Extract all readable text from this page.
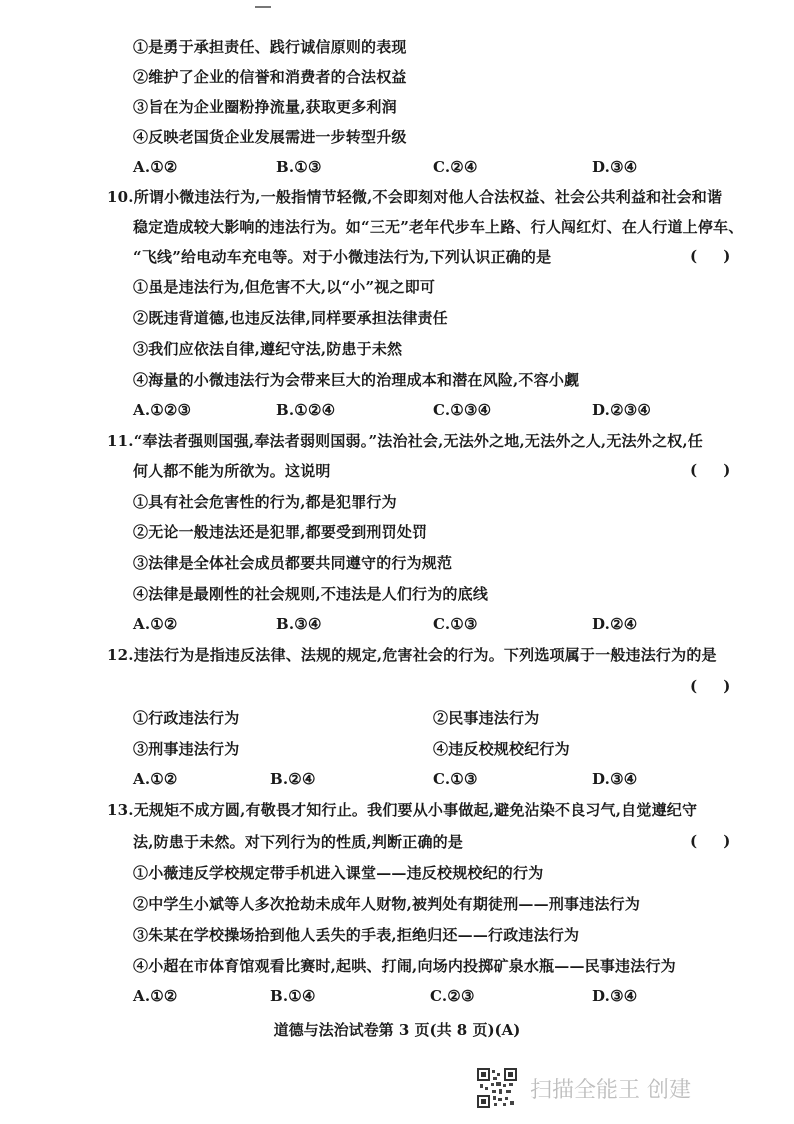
①是勇于承担责任、践行诚信原则的表现
②维护了企业的信誉和消费者的合法权益
③旨在为企业圈粉挣流量,获取更多利润
④反映老国货企业发展需进一步转型升级
A.①②	B.①③	C.②④	D.③④
10.所谓小微违法行为,一般指情节轻微,不会即刻对他人合法权益、社会公共利益和社会和谐
稳定造成较大影响的违法行为。如“三无”老年代步车上路、行人闯红灯、在人行道上停车、
“飞线”给电动车充电等。对于小微违法行为,下列认识正确的是	(     )
①虽是违法行为,但危害不大,以“小”视之即可
②既违背道德,也违反法律,同样要承担法律责任
③我们应依法自律,遵纪守法,防患于未然
④海量的小微违法行为会带来巨大的治理成本和潜在风险,不容小觑
A.①②③	B.①②④	C.①③④	D.②③④
11.“奉法者强则国强,奉法者弱则国弱。”法治社会,无法外之地,无法外之人,无法外之权,任
何人都不能为所欲为。这说明	(     )
①具有社会危害性的行为,都是犯罪行为
②无论一般违法还是犯罪,都要受到刑罚处罚
③法律是全体社会成员都要共同遵守的行为规范
④法律是最刚性的社会规则,不违法是人们行为的底线
A.①②	B.③④	C.①③	D.②④
12.违法行为是指违反法律、法规的规定,危害社会的行为。下列选项属于一般违法行为的是
(     )
①行政违法行为	②民事违法行为
③刑事违法行为	④违反校规校纪行为
A.①②	B.②④	C.①③	D.③④
13.无规矩不成方圆,有敬畏才知行止。我们要从小事做起,避免沾染不良习气,自觉遵纪守
法,防患于未然。对下列行为的性质,判断正确的是	(     )
①小薇违反学校规定带手机进入课堂——违反校规校纪的行为
②中学生小斌等人多次抢劫未成年人财物,被判处有期徒刑——刑事违法行为
③朱某在学校操场拾到他人丢失的手表,拒绝归还——行政违法行为
④小超在市体育馆观看比赛时,起哄、打闹,向场内投掷矿泉水瓶——民事违法行为
A.①②	B.①④	C.②③	D.③④
道德与法治试卷第 3 页(共 8 页)(A)
扫描全能王 创建
